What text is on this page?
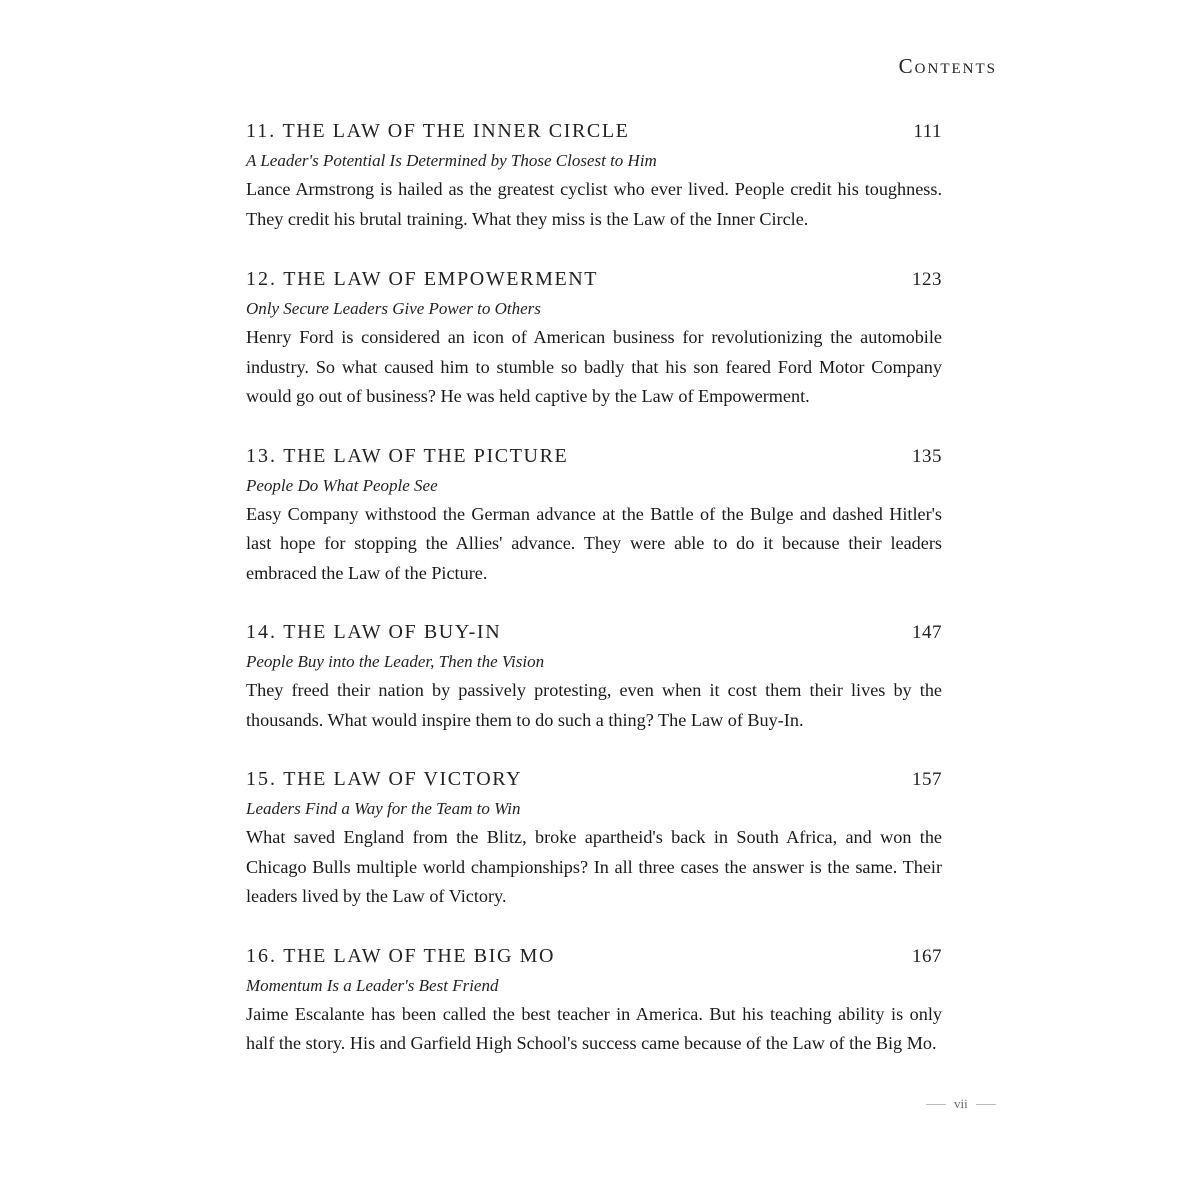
Contents
11. THE LAW OF THE INNER CIRCLE	111
A Leader's Potential Is Determined by Those Closest to Him
Lance Armstrong is hailed as the greatest cyclist who ever lived. People credit his toughness. They credit his brutal training. What they miss is the Law of the Inner Circle.
12. THE LAW OF EMPOWERMENT	123
Only Secure Leaders Give Power to Others
Henry Ford is considered an icon of American business for revolutionizing the automobile industry. So what caused him to stumble so badly that his son feared Ford Motor Company would go out of business? He was held captive by the Law of Empowerment.
13. THE LAW OF THE PICTURE	135
People Do What People See
Easy Company withstood the German advance at the Battle of the Bulge and dashed Hitler's last hope for stopping the Allies' advance. They were able to do it because their leaders embraced the Law of the Picture.
14. THE LAW OF BUY-IN	147
People Buy into the Leader, Then the Vision
They freed their nation by passively protesting, even when it cost them their lives by the thousands. What would inspire them to do such a thing? The Law of Buy-In.
15. THE LAW OF VICTORY	157
Leaders Find a Way for the Team to Win
What saved England from the Blitz, broke apartheid's back in South Africa, and won the Chicago Bulls multiple world championships? In all three cases the answer is the same. Their leaders lived by the Law of Victory.
16. THE LAW OF THE BIG MO	167
Momentum Is a Leader's Best Friend
Jaime Escalante has been called the best teacher in America. But his teaching ability is only half the story. His and Garfield High School's success came because of the Law of the Big Mo.
vii
